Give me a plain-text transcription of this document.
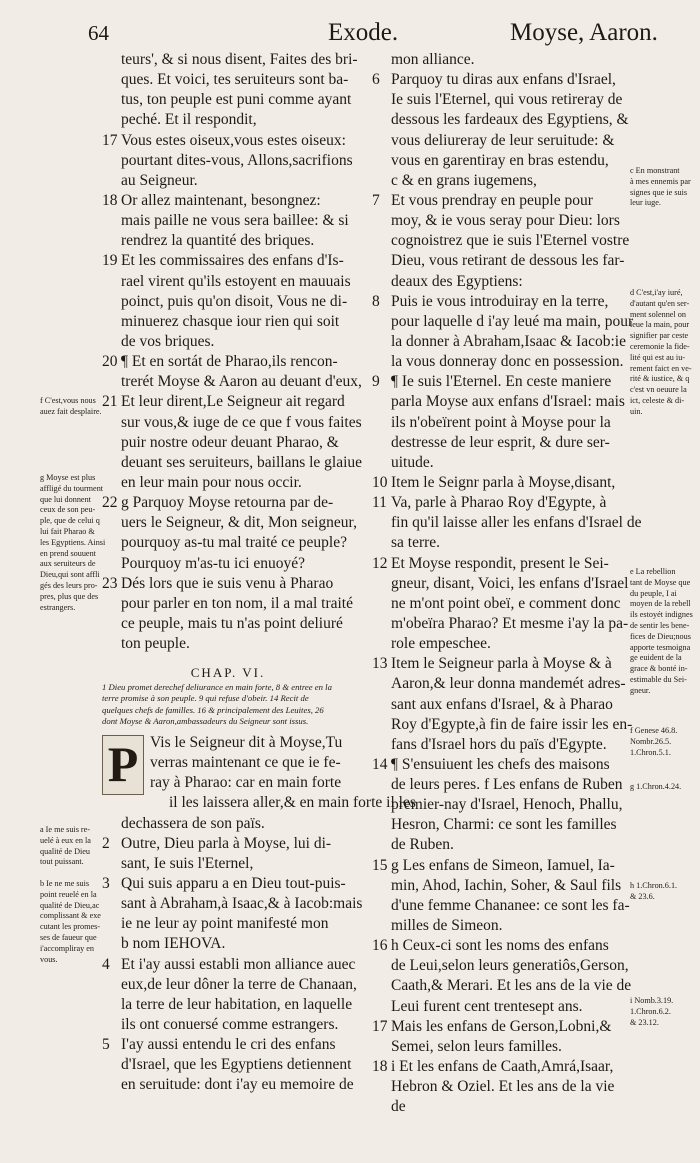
64	Exode.	Moyse, Aaron.
teurs', & si nous disent, Faites des bri-
ques. Et voici, tes seruiteurs sont ba-
tus, ton peuple est puni comme ayant
peché. Et il respondit,
17 Vous estes oiseux,vous estes oiseux:
pourtant dites-vous, Allons,sacrifions
au Seigneur.
18 Or allez maintenant, besongnez:
mais paille ne vous sera baillee: & si
rendrez la quantité des briques.
19 Et les commissaires des enfans d'Is-
rael virent qu'ils estoyent en mauuais
poinct, puis qu'on disoit, Vous ne di-
minuerez chasque iour rien qui soit
de vos briques.
20 ¶ Et en sortát de Pharao,ils rencon-
trerét Moyse & Aaron au deuant d'eux,
21 Et leur dirent,Le Seigneur ait regard
sur vous,& iuge de ce que f vous faites
puir nostre odeur deuant Pharao, &
deuant ses seruiteurs, baillans le glaiue
en leur main pour nous occir.
22 g Parquoy Moyse retourna par de-
uers le Seigneur, & dit, Mon seigneur,
pourquoy as-tu mal traité ce peuple?
Pourquoy m'as-tu ici enuoyé?
23 Dés lors que ie suis venu à Pharao
pour parler en ton nom, il a mal traité
ce peuple, mais tu n'as point deliuré
ton peuple.
CHAP. VI.
1 Dieu promet derechef deliurance en main forte, 8 & entree en la
terre promise à son peuple. 9 qui refuse d'obeir. 14 Recit de
quelques chefs de familles. 16 & principalement des Leuites, 26
dont Moyse & Aaron,ambassadeurs du Seigneur sont issus.
P Vis le Seigneur dit à Moyse,Tu
verras maintenant ce que ie fe-
ray à Pharao: car en main forte
il les laissera aller,& en main forte il les
dechassera de son païs.
2 Outre, Dieu parla à Moyse, lui di-
sant, Ie suis l'Eternel,
3 Qui suis apparu a en Dieu tout-puis-
sant à Abraham,à Isaac,& à Iacob:mais
ie ne leur ay point manifesté mon
b nom IEHOVA.
4 Et i'ay aussi establi mon alliance auec
eux,de leur dôner la terre de Chanaan,
la terre de leur habitation, en laquelle
ils ont conuersé comme estrangers.
5 I'ay aussi entendu le cri des enfans
d'Israel, que les Egyptiens detiennent
en seruitude: dont i'ay eu memoire de
mon alliance.
6 Parquoy tu diras aux enfans d'Israel,
Ie suis l'Eternel, qui vous retireray de
dessous les fardeaux des Egyptiens, &
vous deliureray de leur seruitude: &
vous en garentiray en bras estendu,
c & en grans iugemens,
7 Et vous prendray en peuple pour
moy, & ie vous seray pour Dieu: lors
cognoistrez que ie suis l'Eternel vostre
Dieu, vous retirant de dessous les far-
deaux des Egyptiens:
8 Puis ie vous introduiray en la terre,
pour laquelle d i'ay leué ma main, pour
la donner à Abraham,Isaac & Iacob:ie
la vous donneray donc en possession.
9 ¶ Ie suis l'Eternel. En ceste maniere
parla Moyse aux enfans d'Israel: mais
ils n'obeïrent point à Moyse pour la
destresse de leur esprit, & dure ser-
uitude.
10 Item le Seignr parla à Moyse,disant,
11 Va, parle à Pharao Roy d'Egypte, à
fin qu'il laisse aller les enfans d'Israel de
sa terre.
12 Et Moyse respondit, present le Sei-
gneur, disant, Voici, les enfans d'Israel
ne m'ont point obeï, e comment donc
m'obeïra Pharao? Et mesme i'ay la pa-
role empeschee.
13 Item le Seigneur parla à Moyse & à
Aaron,& leur donna mandemét adres-
sant aux enfans d'Israel, & à Pharao
Roy d'Egypte,à fin de faire issir les en-
fans d'Israel hors du païs d'Egypte.
14 ¶ S'ensuiuent les chefs des maisons
de leurs peres. f Les enfans de Ruben
premier-nay d'Israel, Henoch, Phallu,
Hesron, Charmi: ce sont les familles
de Ruben.
15 g Les enfans de Simeon, Iamuel, Ia-
min, Ahod, Iachin, Soher, & Saul fils
d'une femme Chananee: ce sont les fa-
milles de Simeon.
16 h Ceux-ci sont les noms des enfans
de Leui,selon leurs generatiôs,Gerson,
Caath,& Merari. Et les ans de la vie de
Leui furent cent trentesept ans.
17 Mais les enfans de Gerson,Lobni,&
Semei, selon leurs familles.
18 i Et les enfans de Caath,Amrá,Isaar,
Hebron & Oziel. Et les ans de la vie
de
f C'est,vous nous
auez fait desplaire.
g Moyse est plus
affligé du tourment
que lui donnent
ceux de son peu-
ple, que de celui q
lui fait Pharao &
les Egyptiens. Ainsi
en prend souuent
aux seruiteurs de
Dieu,qui sont affli
gés des leurs pro-
pres, plus que des
estrangers.
a Ie me suis re-
uelé à eux en la
qualité de Dieu
tout puissant.
b Ie ne me suis
point reuelé en la
qualité de Dieu,ac
complissant & exe
cutant les promes-
ses de faueur que
i'accompliray en
vous.
c En monstrant
à mes ennemis par
signes que ie suis
leur iuge.
d C'est,i'ay iuré,
d'autant qu'en ser-
ment solennel on
leue la main, pour
signifier par ceste
ceremonie la fide-
lité qui est au iu-
rement faict en ve-
rité & iustice, & q
c'est vn oeuure la
ict, celeste & di-
uin.
e La rebellion
tant de Moyse que
du peuple, I ai
moyen de la rebell
ils estoyét indignes
de sentir les bene-
fices de Dieu;nous
apporte tesmoigna
ge euident de la
grace & bonté in-
estimable du Sei-
gneur.
f Genese 46.8.
Nombr.26.5.
1.Chron.5.1.
g 1.Chron.4.24.
h 1.Chron.6.1.
& 23.6.
i Nomb.3.19.
1.Chron.6.2.
& 23.12.
